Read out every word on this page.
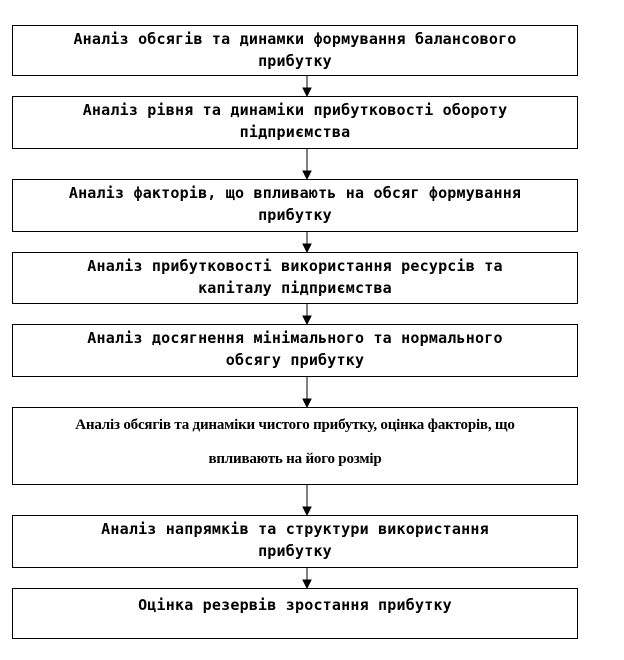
Аналіз обсягів та динамки формування балансового
прибутку
Аналіз рівня та динаміки прибутковості обороту
підприємства
Аналіз факторів, що впливають на обсяг формування
прибутку
Аналіз прибутковості використання ресурсів та
капіталу підприємства
Аналіз досягнення мінімального та нормального
обсягу прибутку
Аналіз обсягів та динаміки чистого прибутку, оцінка факторів, що
впливають на його розмір
Аналіз напрямків та структури використання
прибутку
Оцінка резервів зростання прибутку
